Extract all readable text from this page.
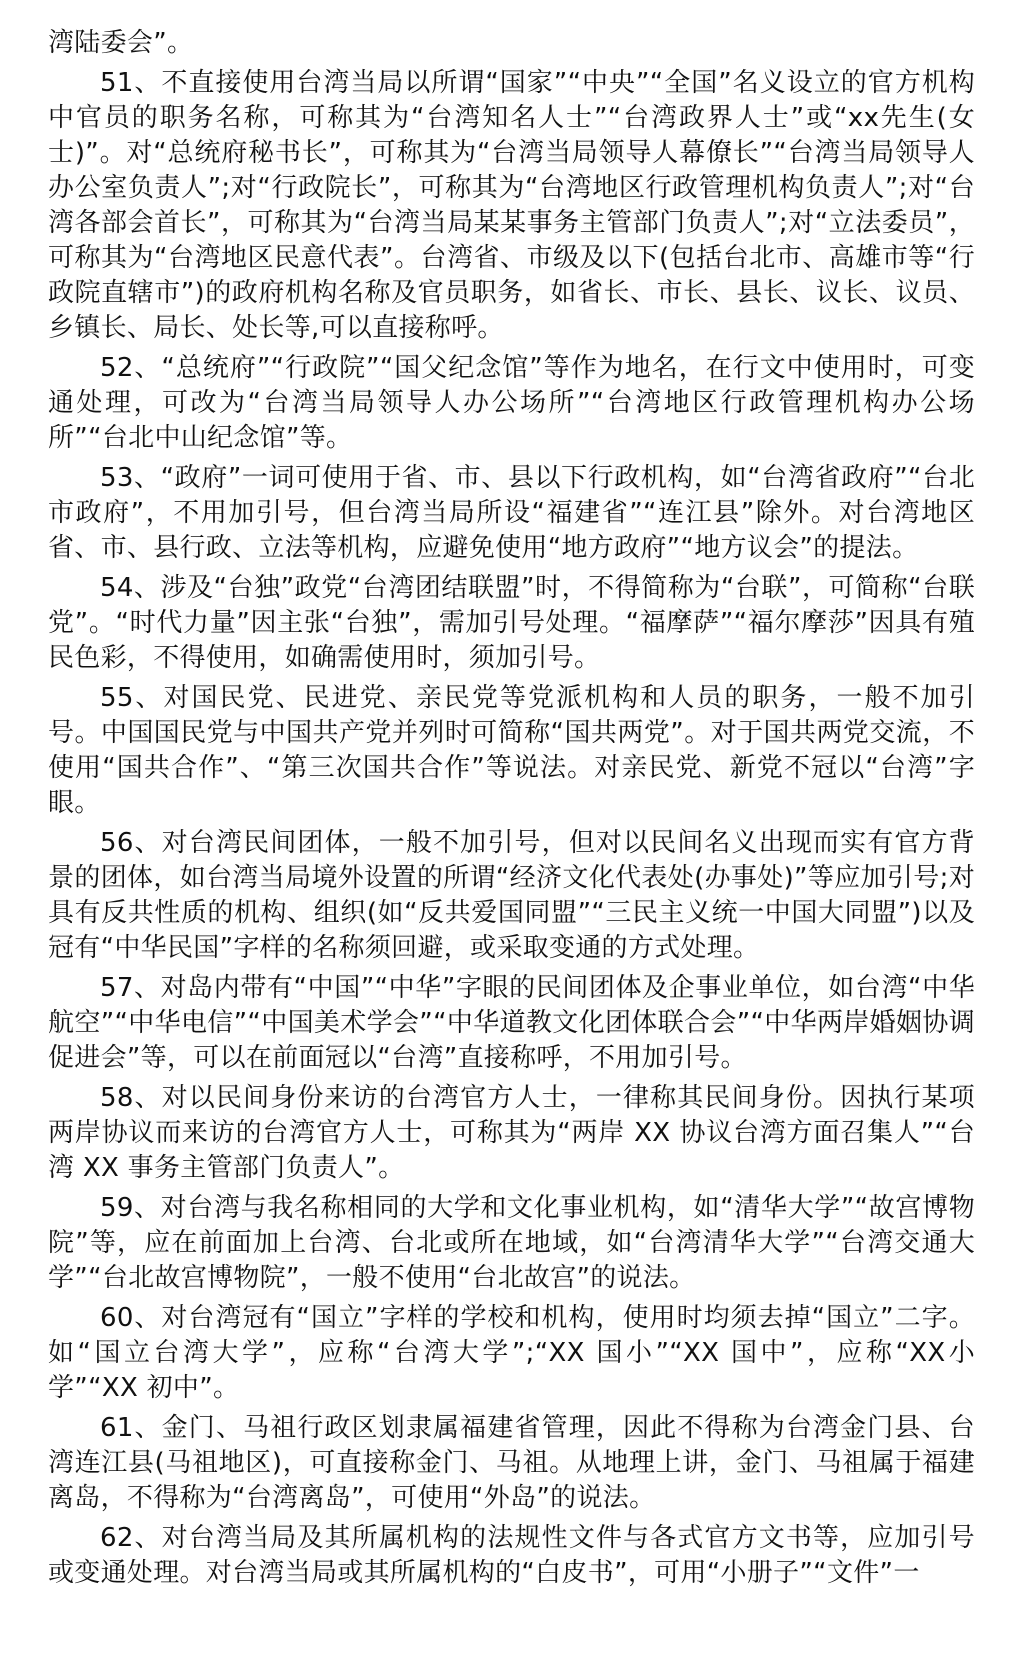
湾陆委会”。

51、不直接使用台湾当局以所谓“国家”“中央”“全国”名义设立的官方机构中官员的职务名称，可称其为“台湾知名人士”“台湾政界人士”或“xx先生(女士)”。对“总统府秘书长”，可称其为“台湾当局领导人幕僚长”“台湾当局领导人办公室负责人”;对“行政院长”，可称其为“台湾地区行政管理机构负责人”;对“台湾各部会首长”，可称其为“台湾当局某某事务主管部门负责人”;对“立法委员”，可称其为“台湾地区民意代表”。台湾省、市级及以下(包括台北市、高雄市等“行政院直辖市”)的政府机构名称及官员职务，如省长、市长、县长、议长、议员、乡镇长、局长、处长等,可以直接称呼。

52、“总统府”“行政院”“国父纪念馆”等作为地名，在行文中使用时，可变通处理，可改为“台湾当局领导人办公场所”“台湾地区行政管理机构办公场所”“台北中山纪念馆”等。

53、“政府”一词可使用于省、市、县以下行政机构，如“台湾省政府”“台北市政府”，不用加引号，但台湾当局所设“福建省”“连江县”除外。对台湾地区省、市、县行政、立法等机构，应避免使用“地方政府”“地方议会”的提法。

54、涉及“台独”政党“台湾团结联盟”时，不得简称为“台联”，可简称“台联党”。“时代力量”因主张“台独”，需加引号处理。“福摩萨”“福尔摩莎”因具有殖民色彩，不得使用，如确需使用时，须加引号。

55、对国民党、民进党、亲民党等党派机构和人员的职务，一般不加引号。中国国民党与中国共产党并列时可简称“国共两党”。对于国共两党交流，不使用“国共合作”、“第三次国共合作”等说法。对亲民党、新党不冠以“台湾”字眼。

56、对台湾民间团体，一般不加引号，但对以民间名义出现而实有官方背景的团体，如台湾当局境外设置的所谓“经济文化代表处(办事处)”等应加引号;对具有反共性质的机构、组织(如“反共爱国同盟”“三民主义统一中国大同盟”)以及冠有“中华民国”字样的名称须回避，或采取变通的方式处理。

57、对岛内带有“中国”“中华”字眼的民间团体及企事业单位，如台湾“中华航空”“中华电信”“中国美术学会”“中华道教文化团体联合会”“中华两岸婚姻协调促进会”等，可以在前面冠以“台湾”直接称呼，不用加引号。

58、对以民间身份来访的台湾官方人士，一律称其民间身份。因执行某项两岸协议而来访的台湾官方人士，可称其为“两岸 XX 协议台湾方面召集人”“台湾 XX 事务主管部门负责人”。

59、对台湾与我名称相同的大学和文化事业机构，如“清华大学”“故宫博物院”等，应在前面加上台湾、台北或所在地域，如“台湾清华大学”“台湾交通大学”“台北故宫博物院”，一般不使用“台北故宫”的说法。

60、对台湾冠有“国立”字样的学校和机构，使用时均须去掉“国立”二字。如“国立台湾大学”，应称“台湾大学”;“XX 国小”“XX 国中”，应称“XX小学”“XX 初中”。

61、金门、马祖行政区划隶属福建省管理，因此不得称为台湾金门县、台湾连江县(马祖地区)，可直接称金门、马祖。从地理上讲，金门、马祖属于福建离岛，不得称为“台湾离岛”，可使用“外岛”的说法。

62、对台湾当局及其所属机构的法规性文件与各式官方文书等，应加引号或变通处理。对台湾当局或其所属机构的“白皮书”，可用“小册子”“文件”一
